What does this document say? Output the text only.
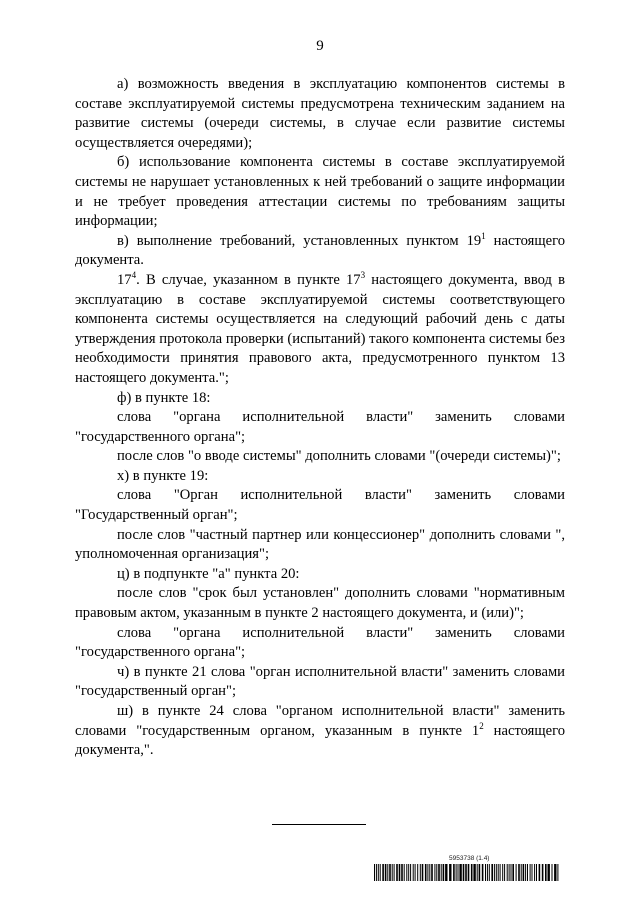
9

а) возможность введения в эксплуатацию компонентов системы в составе эксплуатируемой системы предусмотрена техническим заданием на развитие системы (очереди системы, в случае если развитие системы осуществляется очередями);

б) использование компонента системы в составе эксплуатируемой системы не нарушает установленных к ней требований о защите информации и не требует проведения аттестации системы по требованиям защиты информации;

в) выполнение требований, установленных пунктом $19^1$ настоящего документа.

$17^4$. В случае, указанном в пункте $17^3$ настоящего документа, ввод в эксплуатацию в составе эксплуатируемой системы соответствующего компонента системы осуществляется на следующий рабочий день с даты утверждения протокола проверки (испытаний) такого компонента системы без необходимости принятия правового акта, предусмотренного пунктом 13 настоящего документа.";

ф) в пункте 18:

слова "органа исполнительной власти" заменить словами "государственного органа";

после слов "о вводе системы" дополнить словами "(очереди системы)";

х) в пункте 19:

слова "Орган исполнительной власти" заменить словами "Государственный орган";

после слов "частный партнер или концессионер" дополнить словами ", уполномоченная организация";

ц) в подпункте "а" пункта 20:

после слов "срок был установлен" дополнить словами "нормативным правовым актом, указанным в пункте 2 настоящего документа, и (или)";

слова "органа исполнительной власти" заменить словами "государственного органа";

ч) в пункте 21 слова "орган исполнительной власти" заменить словами "государственный орган";

ш) в пункте 24 слова "органом исполнительной власти" заменить словами "государственным органом, указанным в пункте $1^2$ настоящего документа,".

5953738 (1.4)
